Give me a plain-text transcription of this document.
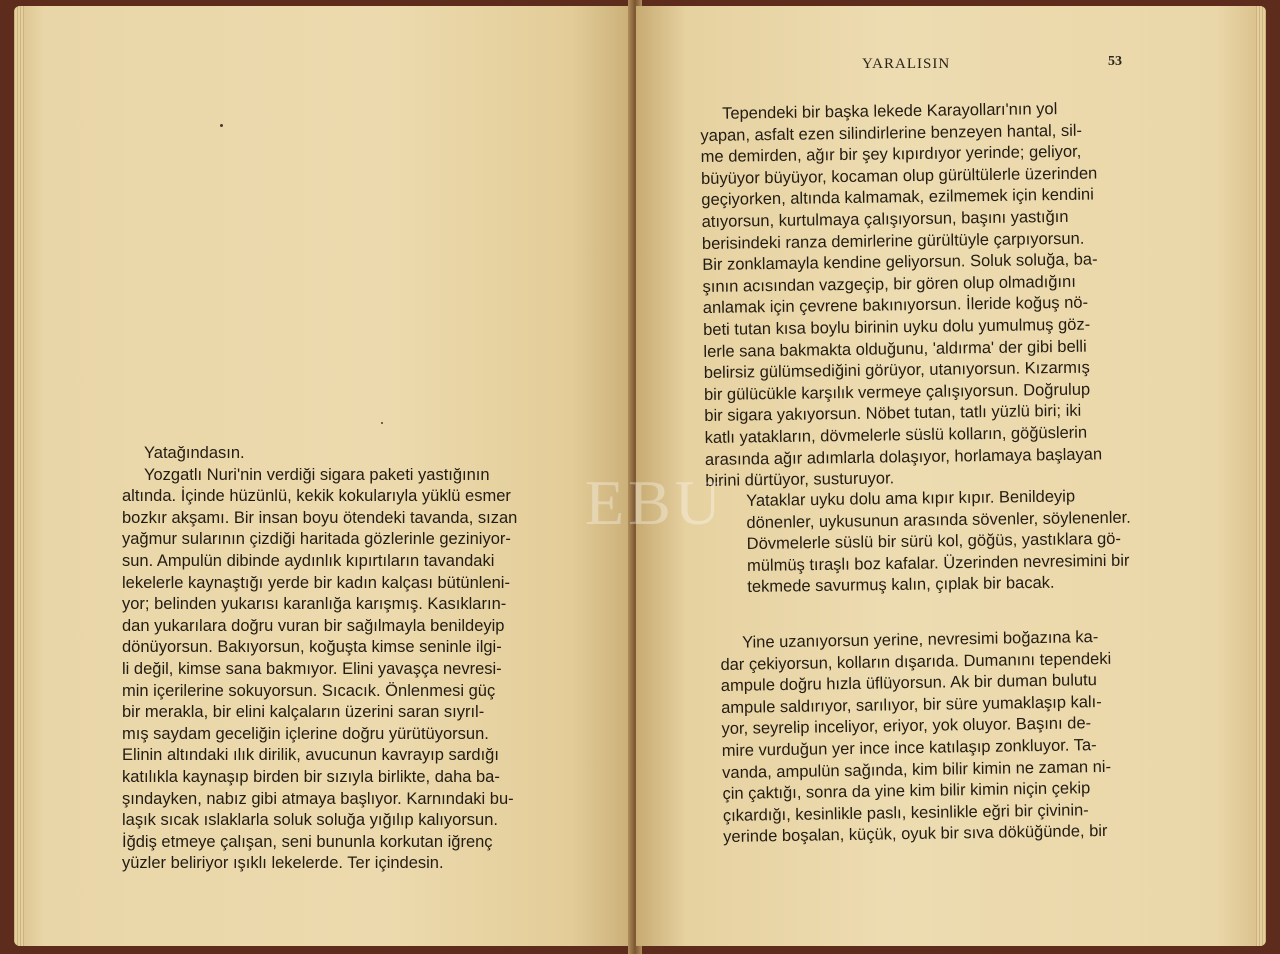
Yatağındasın.
Yozgatlı Nuri'nin verdiği sigara paketi yastığının
altında. İçinde hüzünlü, kekik kokularıyla yüklü esmer
bozkır akşamı. Bir insan boyu ötendeki tavanda, sızan
yağmur sularının çizdiği haritada gözlerinle geziniyor-
sun. Ampulün dibinde aydınlık kıpırtıların tavandaki
lekelerle kaynaştığı yerde bir kadın kalçası bütünleni-
yor; belinden yukarısı karanlığa karışmış. Kasıkların-
dan yukarılara doğru vuran bir sağılmayla benildeyip
dönüyorsun. Bakıyorsun, koğuşta kimse seninle ilgi-
li değil, kimse sana bakmıyor. Elini yavaşça nevresi-
min içerilerine sokuyorsun. Sıcacık. Önlenmesi güç
bir merakla, bir elini kalçaların üzerini saran sıyrıl-
mış saydam geceliğin içlerine doğru yürütüyorsun.
Elinin altındaki ılık dirilik, avucunun kavrayıp sardığı
katılıkla kaynaşıp birden bir sızıyla birlikte, daha ba-
şındayken, nabız gibi atmaya başlıyor. Karnındaki bu-
laşık sıcak ıslaklarla soluk soluğa yığılıp kalıyorsun.
İğdiş etmeye çalışan, seni bununla korkutan iğrenç
yüzler beliriyor ışıklı lekelerde. Ter içindesin.
YARALISIN	53
Tependeki bir başka lekede Karayolları'nın yol
yapan, asfalt ezen silindirlerine benzeyen hantal, sil-
me demirden, ağır bir şey kıpırdıyor yerinde; geliyor,
büyüyor büyüyor, kocaman olup gürültülerle üzerinden
geçiyorken, altında kalmamak, ezilmemek için kendini
atıyorsun, kurtulmaya çalışıyorsun, başını yastığın
berisindeki ranza demirlerine gürültüyle çarpıyorsun.
Bir zonklamayla kendine geliyorsun. Soluk soluğa, ba-
şının acısından vazgeçip, bir gören olup olmadığını
anlamak için çevrene bakınıyorsun. İleride koğuş nö-
beti tutan kısa boylu birinin uyku dolu yumulmuş göz-
lerle sana bakmakta olduğunu, 'aldırma' der gibi belli
belirsiz gülümsediğini görüyor, utanıyorsun. Kızarmış
bir gülücükle karşılık vermeye çalışıyorsun. Doğrulup
bir sigara yakıyorsun. Nöbet tutan, tatlı yüzlü biri; iki
katlı yatakların, dövmelerle süslü kolların, göğüslerin
arasında ağır adımlarla dolaşıyor, horlamaya başlayan
birini dürtüyor, susturuyor.
Yataklar uyku dolu ama kıpır kıpır. Benildeyip
dönenler, uykusunun arasında sövenler, söylenenler.
Dövmelerle süslü bir sürü kol, göğüs, yastıklara gö-
mülmüş tıraşlı boz kafalar. Üzerinden nevresimini bir
tekmede savurmuş kalın, çıplak bir bacak.
Yine uzanıyorsun yerine, nevresimi boğazına ka-
dar çekiyorsun, kolların dışarıda. Dumanını tependeki
ampule doğru hızla üflüyorsun. Ak bir duman bulutu
ampule saldırıyor, sarılıyor, bir süre yumaklaşıp kalı-
yor, seyrelip inceliyor, eriyor, yok oluyor. Başını de-
mire vurduğun yer ince ince katılaşıp zonkluyor. Ta-
vanda, ampulün sağında, kim bilir kimin ne zaman ni-
çin çaktığı, sonra da yine kim bilir kimin niçin çekip
çıkardığı, kesinlikle paslı, kesinlikle eğri bir çivinin-
yerinde boşalan, küçük, oyuk bir sıva döküğünde, bir
EBU
